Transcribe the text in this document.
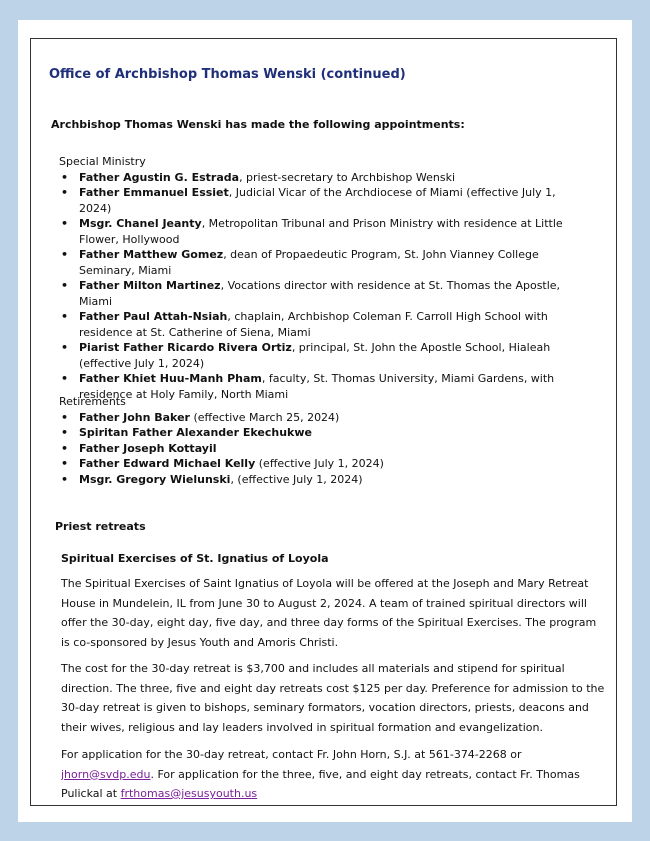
Office of Archbishop Thomas Wenski (continued)
Archbishop Thomas Wenski has made the following appointments:
Special Ministry
• Father Agustin G. Estrada, priest-secretary to Archbishop Wenski
• Father Emmanuel Essiet, Judicial Vicar of the Archdiocese of Miami (effective July 1, 2024)
• Msgr. Chanel Jeanty, Metropolitan Tribunal and Prison Ministry with residence at Little Flower, Hollywood
• Father Matthew Gomez, dean of Propaedeutic Program, St. John Vianney College Seminary, Miami
• Father Milton Martinez, Vocations director with residence at St. Thomas the Apostle, Miami
• Father Paul Attah-Nsiah, chaplain, Archbishop Coleman F. Carroll High School with residence at St. Catherine of Siena, Miami
• Piarist Father Ricardo Rivera Ortiz, principal, St. John the Apostle School, Hialeah (effective July 1, 2024)
• Father Khiet Huu-Manh Pham, faculty, St. Thomas University, Miami Gardens, with residence at Holy Family, North Miami
Retirements
• Father John Baker (effective March 25, 2024)
• Spiritan Father Alexander Ekechukwe
• Father Joseph Kottayil
• Father Edward Michael Kelly (effective July 1, 2024)
• Msgr. Gregory Wielunski, (effective July 1, 2024)
Priest retreats
Spiritual Exercises of St. Ignatius of Loyola
The Spiritual Exercises of Saint Ignatius of Loyola will be offered at the Joseph and Mary Retreat House in Mundelein, IL from June 30 to August 2, 2024. A team of trained spiritual directors will offer the 30-day, eight day, five day, and three day forms of the Spiritual Exercises. The program is co-sponsored by Jesus Youth and Amoris Christi.
The cost for the 30-day retreat is $3,700 and includes all materials and stipend for spiritual direction. The three, five and eight day retreats cost $125 per day. Preference for admission to the 30-day retreat is given to bishops, seminary formators, vocation directors, priests, deacons and their wives, religious and lay leaders involved in spiritual formation and evangelization.
For application for the 30-day retreat, contact Fr. John Horn, S.J. at 561-374-2268 or jhorn@svdp.edu. For application for the three, five, and eight day retreats, contact Fr. Thomas Pulickal at frthomas@jesusyouth.us
